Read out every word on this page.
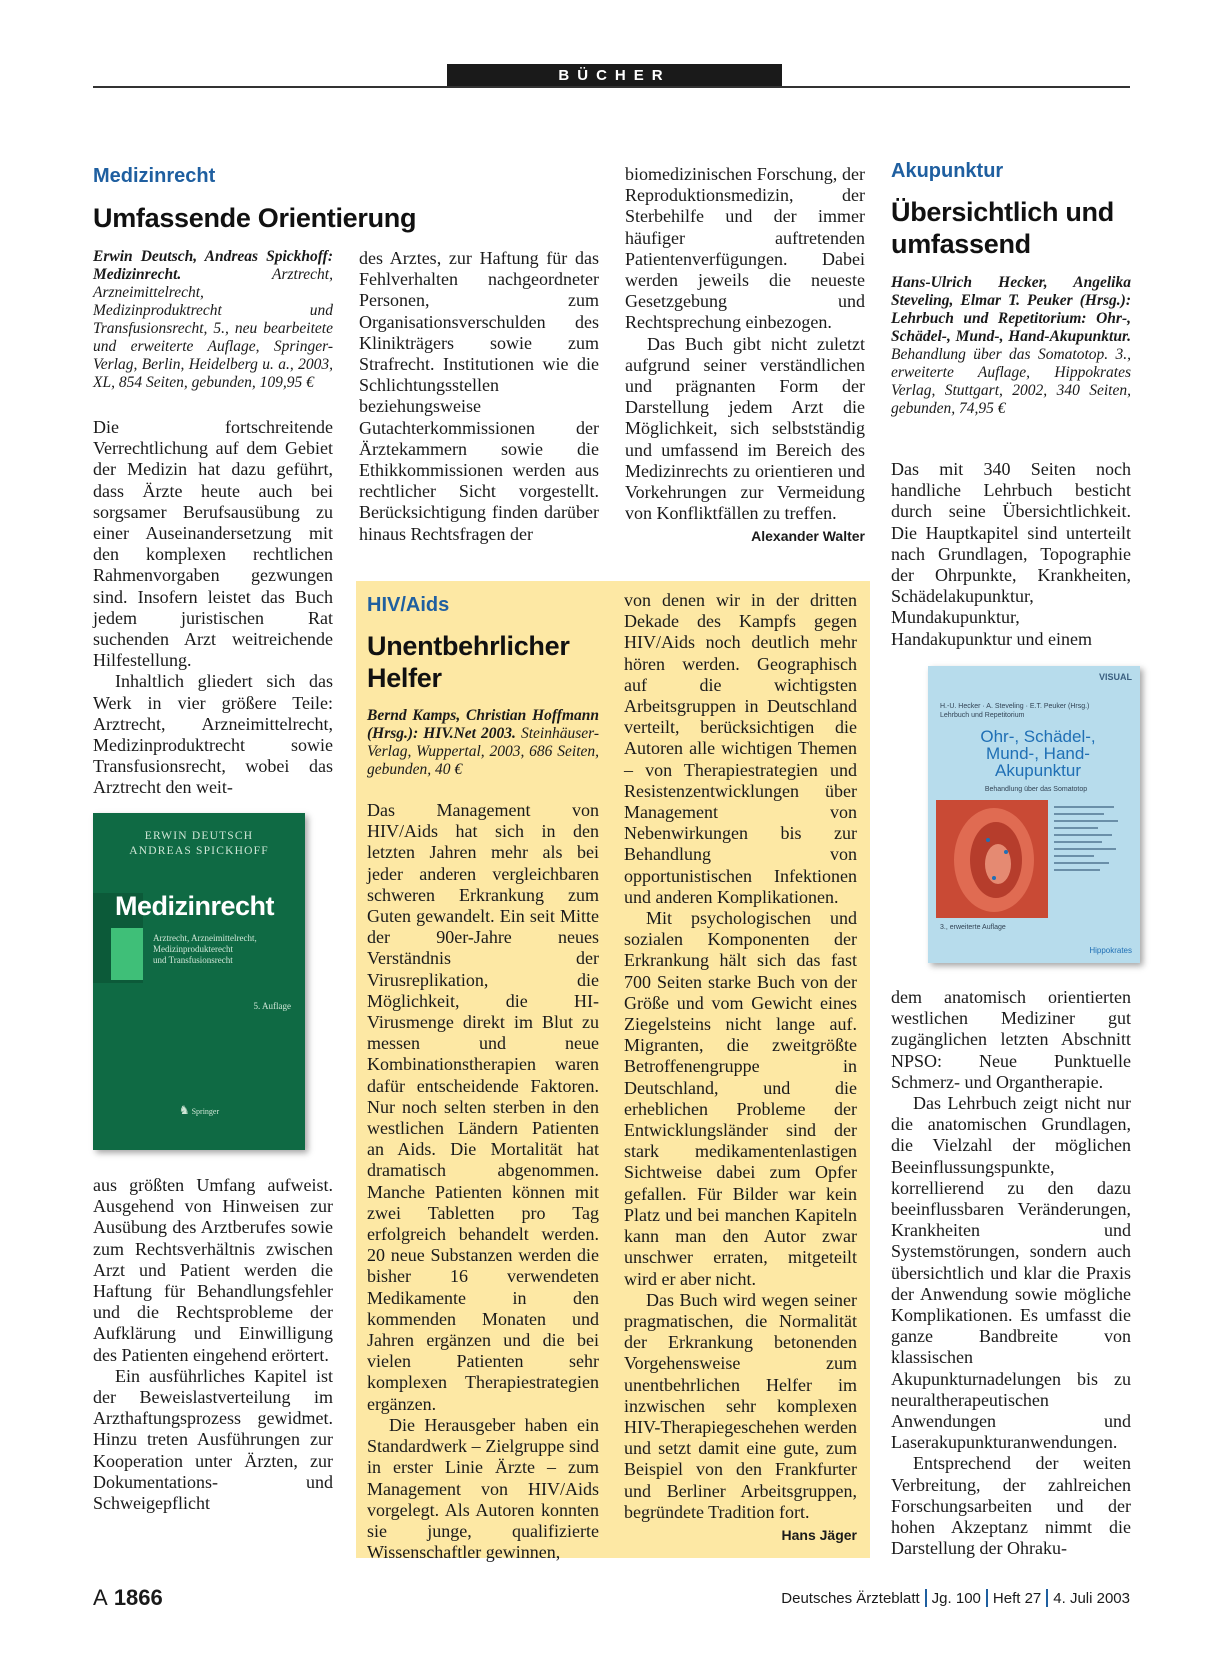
BÜCHER
Medizinrecht
Umfassende Orientierung
Erwin Deutsch, Andreas Spickhoff: Medizinrecht. Arztrecht, Arzneimittelrecht, Medizinproduktrecht und Transfusionsrecht, 5., neu bearbeitete und erweiterte Auflage, Springer-Verlag, Berlin, Heidelberg u. a., 2003, XL, 854 Seiten, gebunden, 109,95 €

Die fortschreitende Verrechtlichung auf dem Gebiet der Medizin hat dazu geführt, dass Ärzte heute auch bei sorgsamer Berufsausübung zu einer Auseinandersetzung mit den komplexen rechtlichen Rahmenvorgaben gezwungen sind. Insofern leistet das Buch jedem juristischen Rat suchenden Arzt weitreichende Hilfestellung.

Inhaltlich gliedert sich das Werk in vier größere Teile: Arztrecht, Arzneimittelrecht, Medizinproduktrecht sowie Transfusionsrecht, wobei das Arztrecht den weit-

ERWIN DEUTSCH
ANDREAS SPICKHOFF
Medizinrecht
Arztrecht, Arzneimittelrecht,
Medizinprodukterecht
und Transfusionsrecht
5. Auflage
♞ Springer

aus größten Umfang aufweist. Ausgehend von Hinweisen zur Ausübung des Arztberufes sowie zum Rechtsverhältnis zwischen Arzt und Patient werden die Haftung für Behandlungsfehler und die Rechtsprobleme der Aufklärung und Einwilligung des Patienten eingehend erörtert.

Ein ausführliches Kapitel ist der Beweislastverteilung im Arzthaftungsprozess gewidmet. Hinzu treten Ausführungen zur Kooperation unter Ärzten, zur Dokumentations- und Schweigepflicht

des Arztes, zur Haftung für das Fehlverhalten nachgeordneter Personen, zum Organisationsverschulden des Klinikträgers sowie zum Strafrecht. Institutionen wie die Schlichtungsstellen beziehungsweise Gutachterkommissionen der Ärztekammern sowie die Ethikkommissionen werden aus rechtlicher Sicht vorgestellt. Berücksichtigung finden darüber hinaus Rechtsfragen der

biomedizinischen Forschung, der Reproduktionsmedizin, der Sterbehilfe und der immer häufiger auftretenden Patientenverfügungen. Dabei werden jeweils die neueste Gesetzgebung und Rechtsprechung einbezogen.

Das Buch gibt nicht zuletzt aufgrund seiner verständlichen und prägnanten Form der Darstellung jedem Arzt die Möglichkeit, sich selbstständig und umfassend im Bereich des Medizinrechts zu orientieren und Vorkehrungen zur Vermeidung von Konfliktfällen zu treffen.
Alexander Walter

HIV/Aids
Unentbehrlicher
Helfer
Bernd Kamps, Christian Hoffmann (Hrsg.): HIV.Net 2003. Steinhäuser-Verlag, Wuppertal, 2003, 686 Seiten, gebunden, 40 €

Das Management von HIV/Aids hat sich in den letzten Jahren mehr als bei jeder anderen vergleichbaren schweren Erkrankung zum Guten gewandelt. Ein seit Mitte der 90er-Jahre neues Verständnis der Virusreplikation, die Möglichkeit, die HI-Virusmenge direkt im Blut zu messen und neue Kombinationstherapien waren dafür entscheidende Faktoren. Nur noch selten sterben in den westlichen Ländern Patienten an Aids. Die Mortalität hat dramatisch abgenommen. Manche Patienten können mit zwei Tabletten pro Tag erfolgreich behandelt werden. 20 neue Substanzen werden die bisher 16 verwendeten Medikamente in den kommenden Monaten und Jahren ergänzen und die bei vielen Patienten sehr komplexen Therapiestrategien ergänzen.

Die Herausgeber haben ein Standardwerk – Zielgruppe sind in erster Linie Ärzte – zum Management von HIV/Aids vorgelegt. Als Autoren konnten sie junge, qualifizierte Wissenschaftler gewinnen,

von denen wir in der dritten Dekade des Kampfs gegen HIV/Aids noch deutlich mehr hören werden. Geographisch auf die wichtigsten Arbeitsgruppen in Deutschland verteilt, berücksichtigen die Autoren alle wichtigen Themen – von Therapiestrategien und Resistenzentwicklungen über Management von Nebenwirkungen bis zur Behandlung von opportunistischen Infektionen und anderen Komplikationen.

Mit psychologischen und sozialen Komponenten der Erkrankung hält sich das fast 700 Seiten starke Buch von der Größe und vom Gewicht eines Ziegelsteins nicht lange auf. Migranten, die zweitgrößte Betroffenengruppe in Deutschland, und die erheblichen Probleme der Entwicklungsländer sind der stark medikamentenlastigen Sichtweise dabei zum Opfer gefallen. Für Bilder war kein Platz und bei manchen Kapiteln kann man den Autor zwar unschwer erraten, mitgeteilt wird er aber nicht.

Das Buch wird wegen seiner pragmatischen, die Normalität der Erkrankung betonenden Vorgehensweise zum unentbehrlichen Helfer im inzwischen sehr komplexen HIV-Therapiegeschehen werden und setzt damit eine gute, zum Beispiel von den Frankfurter und Berliner Arbeitsgruppen, begründete Tradition fort.
Hans Jäger

Akupunktur
Übersichtlich und
umfassend
Hans-Ulrich Hecker, Angelika Steveling, Elmar T. Peuker (Hrsg.): Lehrbuch und Repetitorium: Ohr-, Schädel-, Mund-, Hand-Akupunktur. Behandlung über das Somatotop. 3., erweiterte Auflage, Hippokrates Verlag, Stuttgart, 2002, 340 Seiten, gebunden, 74,95 €

Das mit 340 Seiten noch handliche Lehrbuch besticht durch seine Übersichtlichkeit. Die Hauptkapitel sind unterteilt nach Grundlagen, Topographie der Ohrpunkte, Krankheiten, Schädelakupunktur, Mundakupunktur, Handakupunktur und einem

VISUAL
H.-U. Hecker · A. Steveling · E.T. Peuker (Hrsg.)
Lehrbuch und Repetitorium
Ohr-, Schädel-,
Mund-, Hand-
Akupunktur
Behandlung über das Somatotop
3., erweiterte Auflage
Hippokrates

dem anatomisch orientierten westlichen Mediziner gut zugänglichen letzten Abschnitt NPSO: Neue Punktuelle Schmerz- und Organtherapie.

Das Lehrbuch zeigt nicht nur die anatomischen Grundlagen, die Vielzahl der möglichen Beeinflussungspunkte, korrellierend zu den dazu beeinflussbaren Veränderungen, Krankheiten und Systemstörungen, sondern auch übersichtlich und klar die Praxis der Anwendung sowie mögliche Komplikationen. Es umfasst die ganze Bandbreite von klassischen Akupunkturnadelungen bis zu neuraltherapeutischen Anwendungen und Laserakupunkturanwendungen.

Entsprechend der weiten Verbreitung, der zahlreichen Forschungsarbeiten und der hohen Akzeptanz nimmt die Darstellung der Ohraku-

A 1866	Deutsches Ärzteblatt Jg. 100 Heft 27 4. Juli 2003
